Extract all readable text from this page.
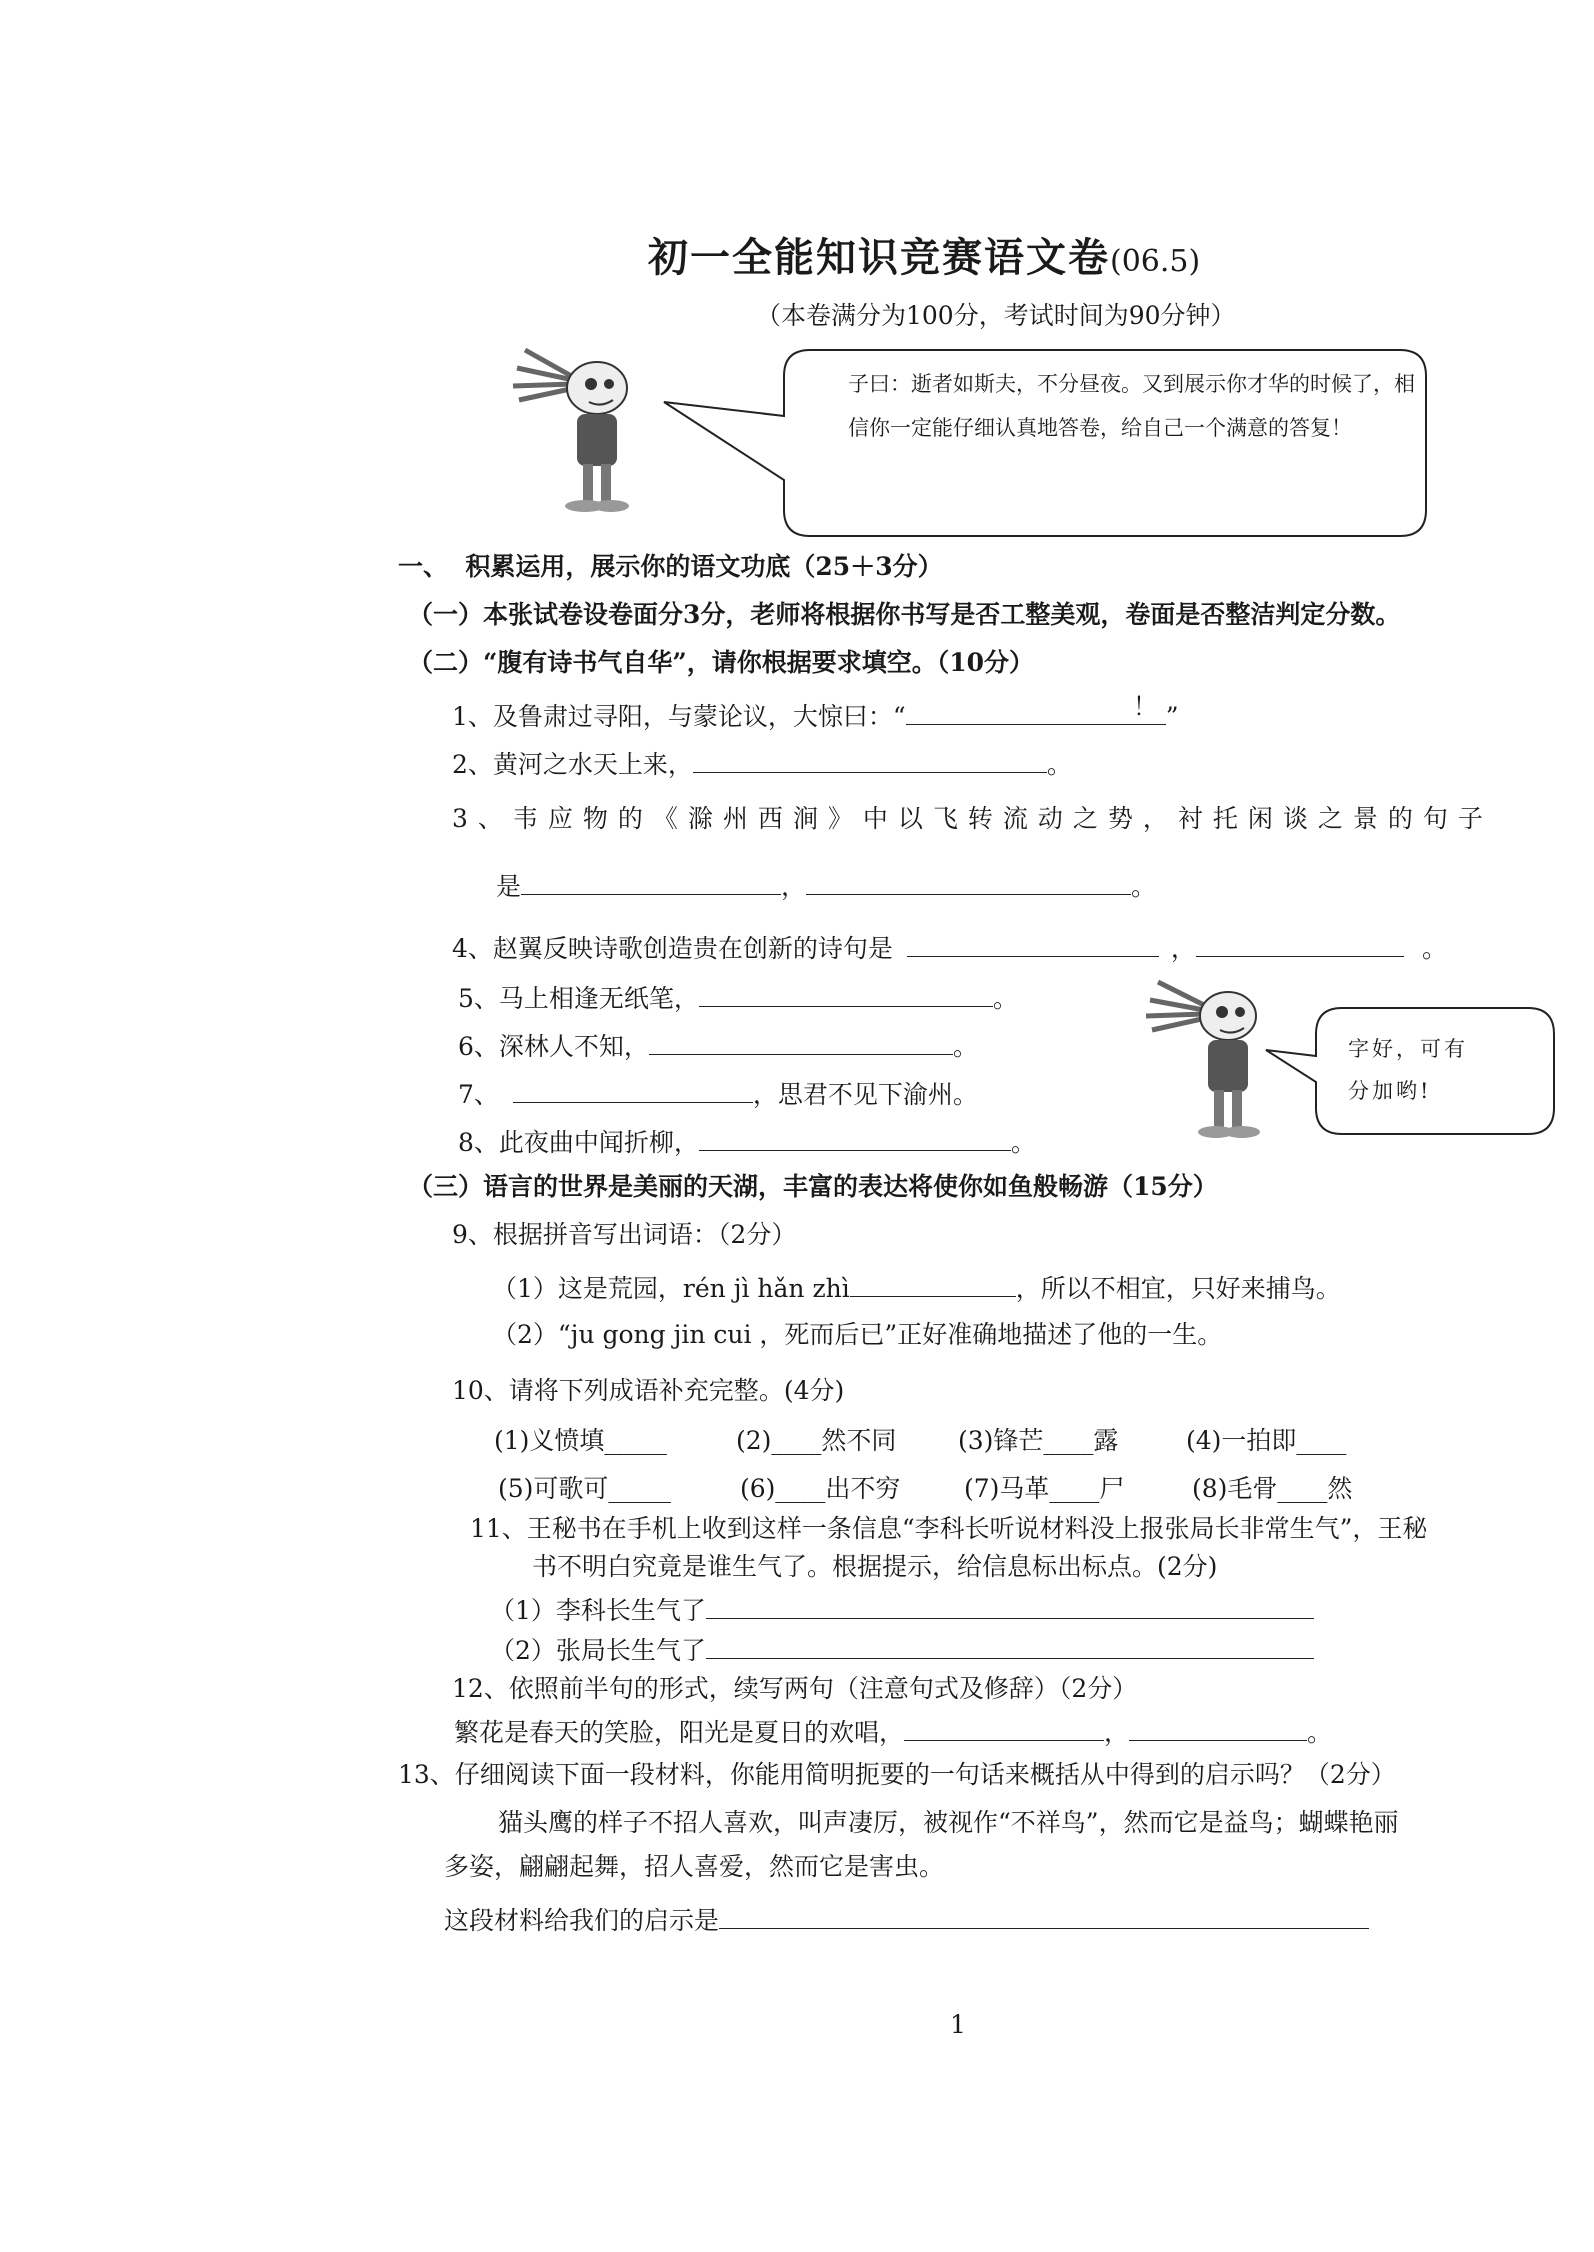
初一全能知识竞赛语文卷(06.5)
（本卷满分为100分，考试时间为90分钟）
子曰：逝者如斯夫，不分昼夜。又到展示你才华的时候了，相信你一定能仔细认真地答卷，给自己一个满意的答复！
一、  积累运用，展示你的语文功底（25＋3分）
（一）本张试卷设卷面分3分，老师将根据你书写是否工整美观，卷面是否整洁判定分数。
（二）“腹有诗书气自华”，请你根据要求填空。（10分）
1、及鲁肃过寻阳，与蒙论议，大惊曰：“	！ ”
2、黄河之水天上来，	。
3、韦应物的《滁州西涧》中以飞转流动之势，衬托闲谈之景的句子
是	，	。
4、赵翼反映诗歌创造贵在创新的诗句是	，	。
5、马上相逢无纸笔，	。
6、深林人不知，	。
7、	，思君不见下渝州。
8、此夜曲中闻折柳，	。
字好，可有分加哟!
（三）语言的世界是美丽的天湖，丰富的表达将使你如鱼般畅游（15分）
9、根据拼音写出词语：（2分）
（1）这是荒园，rén jì hǎn zhì	，所以不相宜，只好来捕鸟。
（2）“ju gong jin cui ，死而后已”正好准确地描述了他的一生。
10、请将下列成语补充完整。(4分)
(1)义愤填_____	(2)____然不同 (3)锋芒____露	(4)一拍即____
(5)可歌可_____	(6)____出不穷	(7)马革____尸	(8)毛骨____然
11、王秘书在手机上收到这样一条信息“李科长听说材料没上报张局长非常生气”，王秘
书不明白究竟是谁生气了。根据提示，给信息标出标点。(2分)
（1）李科长生气了
（2）张局长生气了
12、依照前半句的形式，续写两句（注意句式及修辞）（2分）
繁花是春天的笑脸，阳光是夏日的欢唱，	，	。
13、仔细阅读下面一段材料，你能用简明扼要的一句话来概括从中得到的启示吗？（2分）
猫头鹰的样子不招人喜欢，叫声凄厉，被视作“不祥鸟”，然而它是益鸟；蝴蝶艳丽
多姿，翩翩起舞，招人喜爱，然而它是害虫。
这段材料给我们的启示是
1
